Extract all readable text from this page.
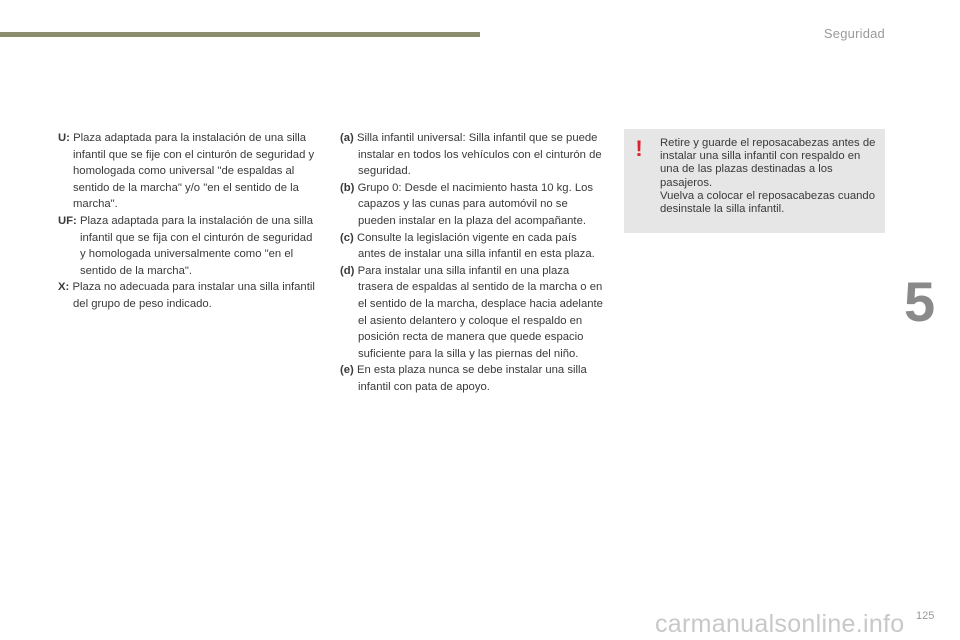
Seguridad
U: Plaza adaptada para la instalación de una silla infantil que se fije con el cinturón de seguridad y homologada como universal "de espaldas al sentido de la marcha" y/o "en el sentido de la marcha".
UF: Plaza adaptada para la instalación de una silla infantil que se fija con el cinturón de seguridad y homologada universalmente como "en el sentido de la marcha".
X: Plaza no adecuada para instalar una silla infantil del grupo de peso indicado.
(a) Silla infantil universal: Silla infantil que se puede instalar en todos los vehículos con el cinturón de seguridad.
(b) Grupo 0: Desde el nacimiento hasta 10 kg. Los capazos y las cunas para automóvil no se pueden instalar en la plaza del acompañante.
(c) Consulte la legislación vigente en cada país antes de instalar una silla infantil en esta plaza.
(d) Para instalar una silla infantil en una plaza trasera de espaldas al sentido de la marcha o en el sentido de la marcha, desplace hacia adelante el asiento delantero y coloque el respaldo en posición recta de manera que quede espacio suficiente para la silla y las piernas del niño.
(e) En esta plaza nunca se debe instalar una silla infantil con pata de apoyo.
! Retire y guarde el reposacabezas antes de instalar una silla infantil con respaldo en una de las plazas destinadas a los pasajeros.
Vuelva a colocar el reposacabezas cuando desinstale la silla infantil.
5
carmanualsonline.info 125
